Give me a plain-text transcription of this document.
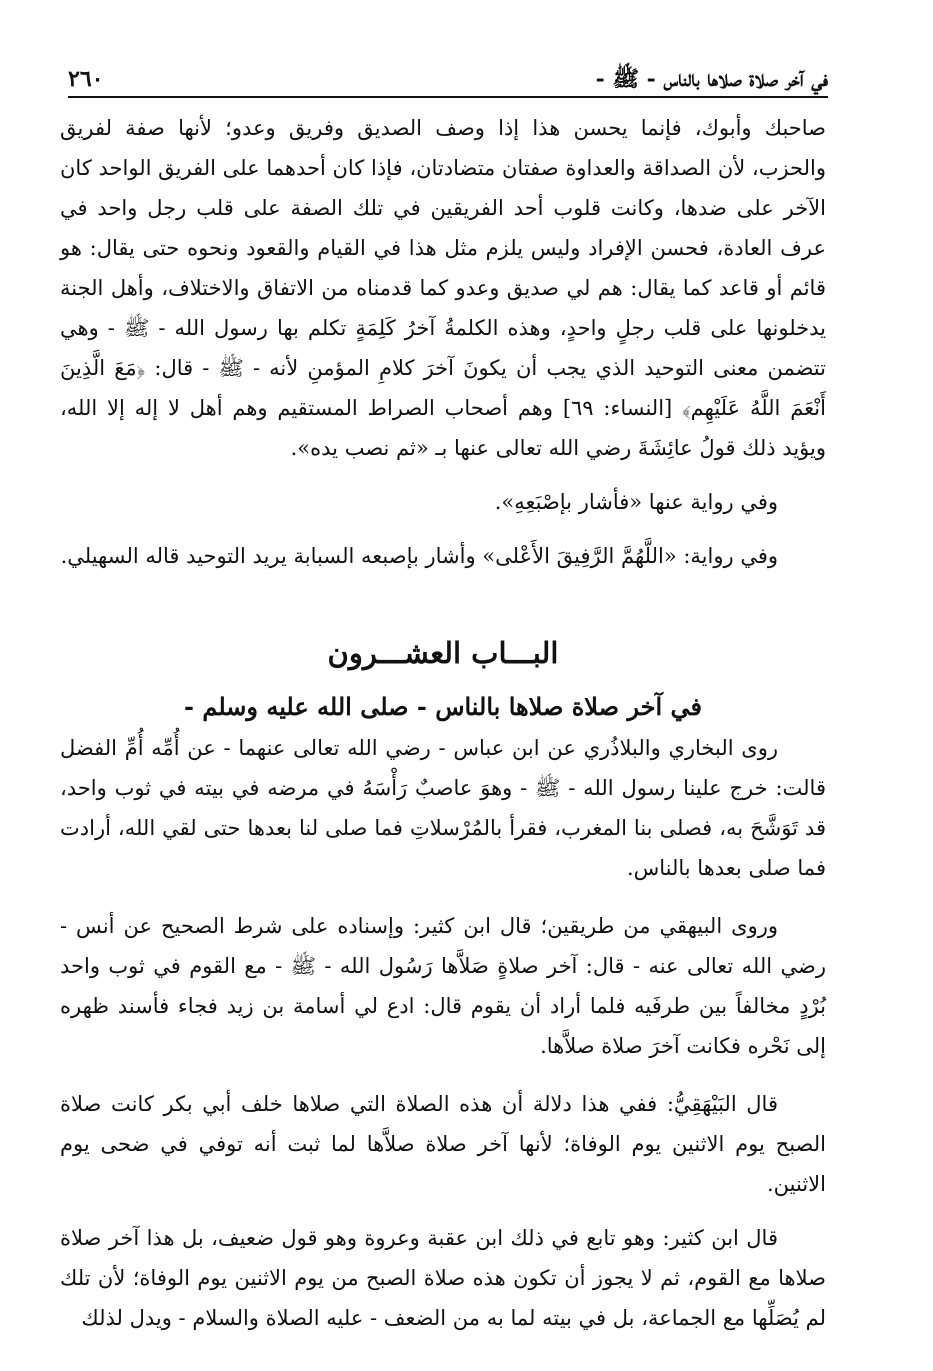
في آخر صلاة صلاها بالناس - ﷺ -
٢٦٠

صاحبك وأبوك، فإنما يحسن هذا إذا وصف الصديق وفريق وعدو؛ لأنها صفة لفريق والحزب، لأن الصداقة والعداوة صفتان متضادتان، فإذا كان أحدهما على الفريق الواحد كان الآخر على ضدها، وكانت قلوب أحد الفريقين في تلك الصفة على قلب رجل واحد في عرف العادة، فحسن الإفراد وليس يلزم مثل هذا في القيام والقعود ونحوه حتى يقال: هو قائم أو قاعد كما يقال: هم لي صديق وعدو كما قدمناه من الاتفاق والاختلاف، وأهل الجنة يدخلونها على قلب رجلٍ واحدٍ، وهذه الكلمةُ آخرُ كَلِمَةٍ تكلم بها رسول الله - ﷺ - وهي تتضمن معنى التوحيد الذي يجب أن يكونَ آخرَ كلامِ المؤمنِ لأنه - ﷺ - قال: ﴿مَعَ الَّذِينَ أَنْعَمَ اللَّهُ عَلَيْهِم﴾ [النساء: ٦٩] وهم أصحاب الصراط المستقيم وهم أهل لا إله إلا الله، ويؤيد ذلك قولُ عائِشَةَ رضي الله تعالى عنها بـ «ثم نصب يده».

وفي رواية عنها «فأشار بإصْبَعِهِ».

وفي رواية: «اللَّهُمَّ الرَّفِيقَ الأَعْلى» وأشار بإصبعه السبابة يريد التوحيد قاله السهيلي.

البـــاب العشـــرون

في آخر صلاة صلاها بالناس - صلى الله عليه وسلم -

روى البخاري والبلاذُري عن ابن عباس - رضي الله تعالى عنهما - عن أُمِّه أُمِّ الفضل قالت: خرج علينا رسول الله - ﷺ - وهوَ عاصبٌ رَأْسَهُ في مرضه في بيته في ثوب واحد، قد تَوَشَّحَ به، فصلى بنا المغرب، فقرأ بالمُرْسلاتِ فما صلى لنا بعدها حتى لقي الله، أرادت فما صلى بعدها بالناس.

وروى البيهقي من طريقين؛ قال ابن كثير: وإسناده على شرط الصحيح عن أنس - رضي الله تعالى عنه - قال: آخر صلاةٍ صَلاَّها رَسُول الله - ﷺ - مع القوم في ثوب واحد بُرْدٍ مخالفاً بين طرفَيه فلما أراد أن يقوم قال: ادع لي أسامة بن زيد فجاء فأسند ظهره إلى نَحْره فكانت آخرَ صلاة صلاَّها.

قال البَيْهَقِيُّ: ففي هذا دلالة أن هذه الصلاة التي صلاها خلف أبي بكر كانت صلاة الصبح يوم الاثنين يوم الوفاة؛ لأنها آخر صلاة صلاَّها لما ثبت أنه توفي في ضحى يوم الاثنين.

قال ابن كثير: وهو تابع في ذلك ابن عقبة وعروة وهو قول ضعيف، بل هذا آخر صلاة صلاها مع القوم، ثم لا يجوز أن تكون هذه صلاة الصبح من يوم الاثنين يوم الوفاة؛ لأن تلك لم يُصَلِّها مع الجماعة، بل في بيته لما به من الضعف - عليه الصلاة والسلام - ويدل لذلك
